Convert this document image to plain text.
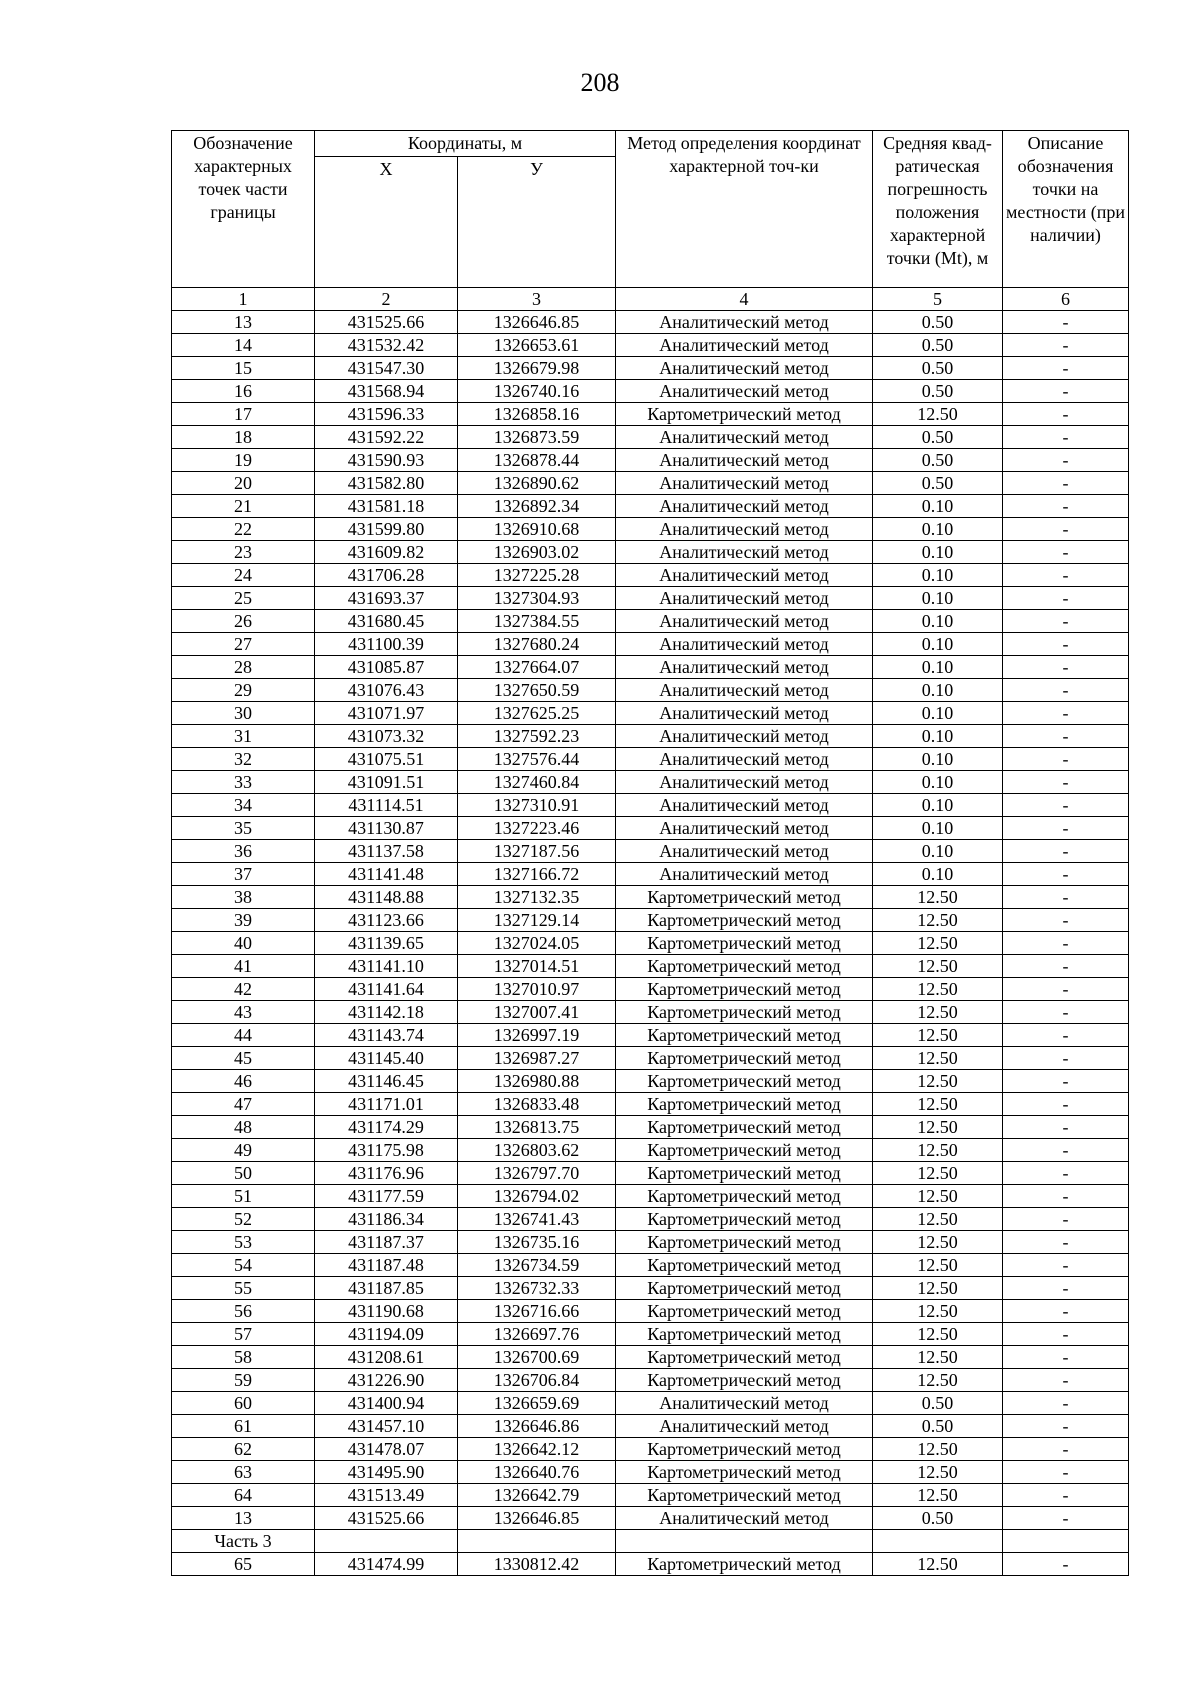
208
Обозначение характерных точек части границы	Координаты, м		Метод определения координат характерной точ-ки	Средняя квад-ратическая погрешность положения характерной точки (Mt), м	Описание обозначения точки на местности (при наличии)
	Х	У			
1	2	3	4	5	6
13	431525.66	1326646.85	Аналитический метод	0.50	-
14	431532.42	1326653.61	Аналитический метод	0.50	-
15	431547.30	1326679.98	Аналитический метод	0.50	-
16	431568.94	1326740.16	Аналитический метод	0.50	-
17	431596.33	1326858.16	Картометрический метод	12.50	-
18	431592.22	1326873.59	Аналитический метод	0.50	-
19	431590.93	1326878.44	Аналитический метод	0.50	-
20	431582.80	1326890.62	Аналитический метод	0.50	-
21	431581.18	1326892.34	Аналитический метод	0.10	-
22	431599.80	1326910.68	Аналитический метод	0.10	-
23	431609.82	1326903.02	Аналитический метод	0.10	-
24	431706.28	1327225.28	Аналитический метод	0.10	-
25	431693.37	1327304.93	Аналитический метод	0.10	-
26	431680.45	1327384.55	Аналитический метод	0.10	-
27	431100.39	1327680.24	Аналитический метод	0.10	-
28	431085.87	1327664.07	Аналитический метод	0.10	-
29	431076.43	1327650.59	Аналитический метод	0.10	-
30	431071.97	1327625.25	Аналитический метод	0.10	-
31	431073.32	1327592.23	Аналитический метод	0.10	-
32	431075.51	1327576.44	Аналитический метод	0.10	-
33	431091.51	1327460.84	Аналитический метод	0.10	-
34	431114.51	1327310.91	Аналитический метод	0.10	-
35	431130.87	1327223.46	Аналитический метод	0.10	-
36	431137.58	1327187.56	Аналитический метод	0.10	-
37	431141.48	1327166.72	Аналитический метод	0.10	-
38	431148.88	1327132.35	Картометрический метод	12.50	-
39	431123.66	1327129.14	Картометрический метод	12.50	-
40	431139.65	1327024.05	Картометрический метод	12.50	-
41	431141.10	1327014.51	Картометрический метод	12.50	-
42	431141.64	1327010.97	Картометрический метод	12.50	-
43	431142.18	1327007.41	Картометрический метод	12.50	-
44	431143.74	1326997.19	Картометрический метод	12.50	-
45	431145.40	1326987.27	Картометрический метод	12.50	-
46	431146.45	1326980.88	Картометрический метод	12.50	-
47	431171.01	1326833.48	Картометрический метод	12.50	-
48	431174.29	1326813.75	Картометрический метод	12.50	-
49	431175.98	1326803.62	Картометрический метод	12.50	-
50	431176.96	1326797.70	Картометрический метод	12.50	-
51	431177.59	1326794.02	Картометрический метод	12.50	-
52	431186.34	1326741.43	Картометрический метод	12.50	-
53	431187.37	1326735.16	Картометрический метод	12.50	-
54	431187.48	1326734.59	Картометрический метод	12.50	-
55	431187.85	1326732.33	Картометрический метод	12.50	-
56	431190.68	1326716.66	Картометрический метод	12.50	-
57	431194.09	1326697.76	Картометрический метод	12.50	-
58	431208.61	1326700.69	Картометрический метод	12.50	-
59	431226.90	1326706.84	Картометрический метод	12.50	-
60	431400.94	1326659.69	Аналитический метод	0.50	-
61	431457.10	1326646.86	Аналитический метод	0.50	-
62	431478.07	1326642.12	Картометрический метод	12.50	-
63	431495.90	1326640.76	Картометрический метод	12.50	-
64	431513.49	1326642.79	Картометрический метод	12.50	-
13	431525.66	1326646.85	Аналитический метод	0.50	-
Часть 3					
65	431474.99	1330812.42	Картометрический метод	12.50	-
